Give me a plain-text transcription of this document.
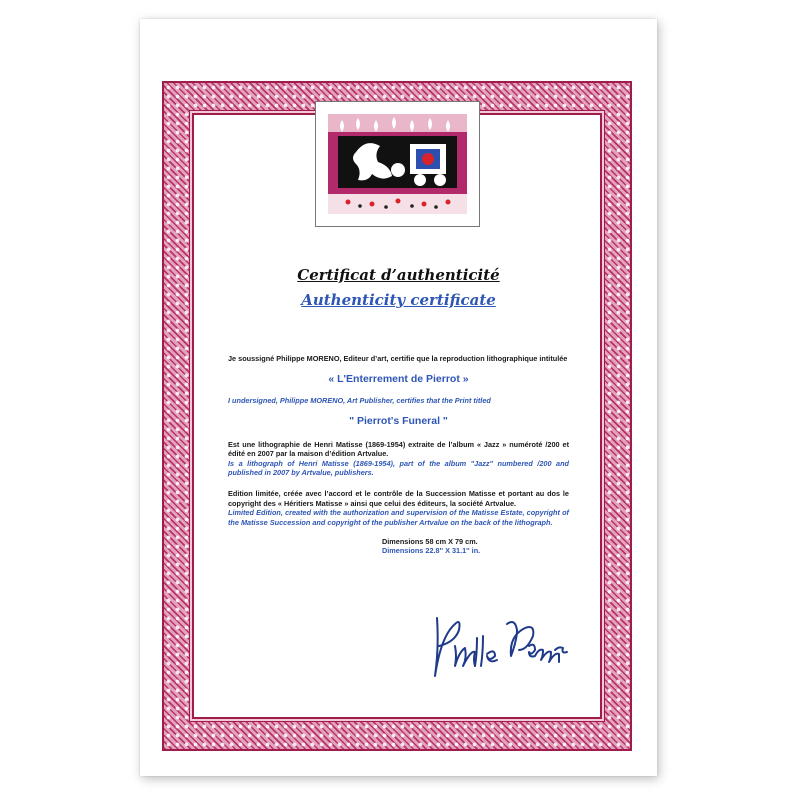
Certificat d’authenticité
Authenticity certificate
Je soussigné Philippe MORENO, Editeur d’art, certifie que la reproduction lithographique intitulée
« L'Enterrement de Pierrot »
I undersigned, Philippe MORENO, Art Publisher, certifies that the Print titled
" Pierrot's Funeral "
Est une lithographie de Henri Matisse (1869-1954) extraite de l’album « Jazz » numéroté /200 et édité en 2007 par la maison d’édition Artvalue.
Is a lithograph of Henri Matisse (1869-1954), part of the album "Jazz" numbered /200 and published in 2007 by Artvalue, publishers.
Edition limitée, créée avec l’accord et le contrôle de la Succession Matisse et portant au dos le copyright des « Héritiers Matisse » ainsi que celui des éditeurs, la société Artvalue.
Limited Edition, created with the authorization and supervision of the Matisse Estate, copyright of the Matisse Succession and copyright of the publisher Artvalue on the back of the lithograph.
Dimensions 58 cm X 79 cm.
Dimensions 22.8'' X 31.1'' in.
